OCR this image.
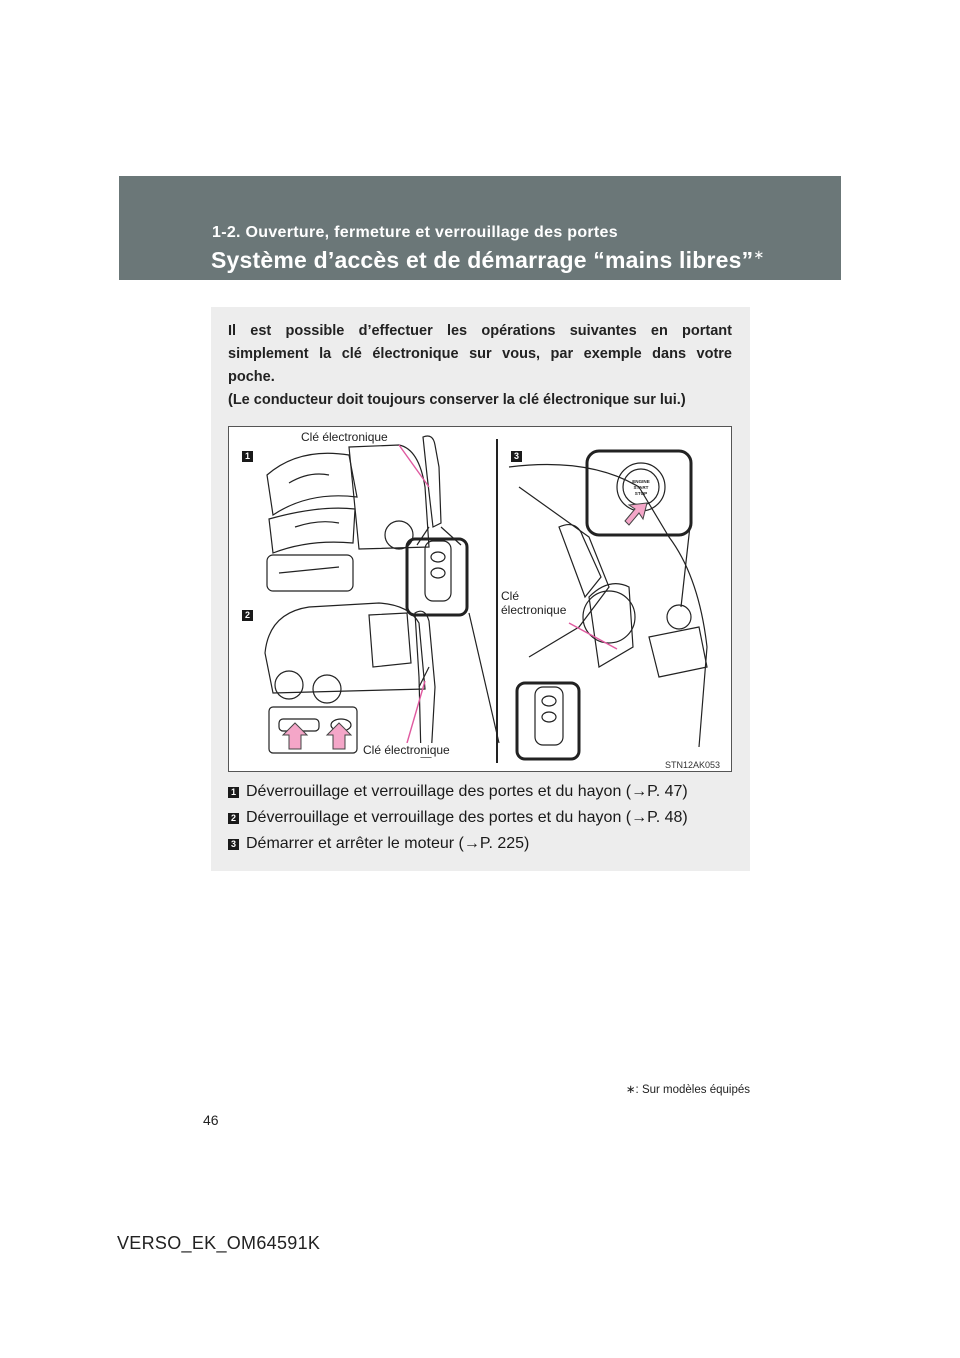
1-2. Ouverture, fermeture et verrouillage des portes
Système d’accès et de démarrage “mains libres”∗
Il est possible d’effectuer les opérations suivantes en portant
simplement la clé électronique sur vous, par exemple dans votre
poche.
(Le conducteur doit toujours conserver la clé électronique sur lui.)
ENGINE
START
STOP
1
2
3
Clé électronique
Clé électronique
Clé
électronique
STN12AK053
1 Déverrouillage et verrouillage des portes et du hayon (→P. 47)
2 Déverrouillage et verrouillage des portes et du hayon (→P. 48)
3 Démarrer et arrêter le moteur (→P. 225)
∗: Sur modèles équipés
46
VERSO_EK_OM64591K
